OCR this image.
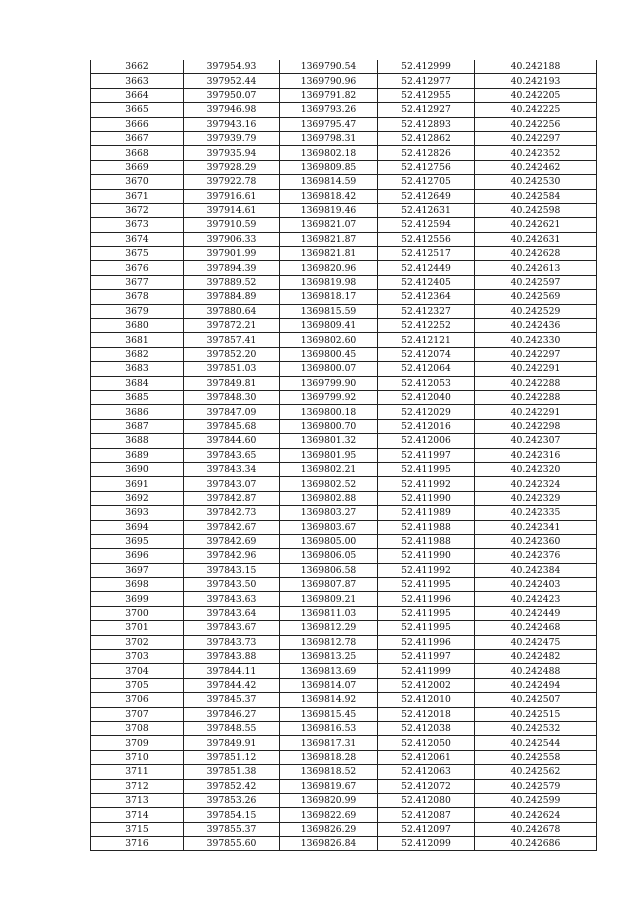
3662	397954.93	1369790.54	52.412999	40.242188
3663	397952.44	1369790.96	52.412977	40.242193
3664	397950.07	1369791.82	52.412955	40.242205
3665	397946.98	1369793.26	52.412927	40.242225
3666	397943.16	1369795.47	52.412893	40.242256
3667	397939.79	1369798.31	52.412862	40.242297
3668	397935.94	1369802.18	52.412826	40.242352
3669	397928.29	1369809.85	52.412756	40.242462
3670	397922.78	1369814.59	52.412705	40.242530
3671	397916.61	1369818.42	52.412649	40.242584
3672	397914.61	1369819.46	52.412631	40.242598
3673	397910.59	1369821.07	52.412594	40.242621
3674	397906.33	1369821.87	52.412556	40.242631
3675	397901.99	1369821.81	52.412517	40.242628
3676	397894.39	1369820.96	52.412449	40.242613
3677	397889.52	1369819.98	52.412405	40.242597
3678	397884.89	1369818.17	52.412364	40.242569
3679	397880.64	1369815.59	52.412327	40.242529
3680	397872.21	1369809.41	52.412252	40.242436
3681	397857.41	1369802.60	52.412121	40.242330
3682	397852.20	1369800.45	52.412074	40.242297
3683	397851.03	1369800.07	52.412064	40.242291
3684	397849.81	1369799.90	52.412053	40.242288
3685	397848.30	1369799.92	52.412040	40.242288
3686	397847.09	1369800.18	52.412029	40.242291
3687	397845.68	1369800.70	52.412016	40.242298
3688	397844.60	1369801.32	52.412006	40.242307
3689	397843.65	1369801.95	52.411997	40.242316
3690	397843.34	1369802.21	52.411995	40.242320
3691	397843.07	1369802.52	52.411992	40.242324
3692	397842.87	1369802.88	52.411990	40.242329
3693	397842.73	1369803.27	52.411989	40.242335
3694	397842.67	1369803.67	52.411988	40.242341
3695	397842.69	1369805.00	52.411988	40.242360
3696	397842.96	1369806.05	52.411990	40.242376
3697	397843.15	1369806.58	52.411992	40.242384
3698	397843.50	1369807.87	52.411995	40.242403
3699	397843.63	1369809.21	52.411996	40.242423
3700	397843.64	1369811.03	52.411995	40.242449
3701	397843.67	1369812.29	52.411995	40.242468
3702	397843.73	1369812.78	52.411996	40.242475
3703	397843.88	1369813.25	52.411997	40.242482
3704	397844.11	1369813.69	52.411999	40.242488
3705	397844.42	1369814.07	52.412002	40.242494
3706	397845.37	1369814.92	52.412010	40.242507
3707	397846.27	1369815.45	52.412018	40.242515
3708	397848.55	1369816.53	52.412038	40.242532
3709	397849.91	1369817.31	52.412050	40.242544
3710	397851.12	1369818.28	52.412061	40.242558
3711	397851.38	1369818.52	52.412063	40.242562
3712	397852.42	1369819.67	52.412072	40.242579
3713	397853.26	1369820.99	52.412080	40.242599
3714	397854.15	1369822.69	52.412087	40.242624
3715	397855.37	1369826.29	52.412097	40.242678
3716	397855.60	1369826.84	52.412099	40.242686
